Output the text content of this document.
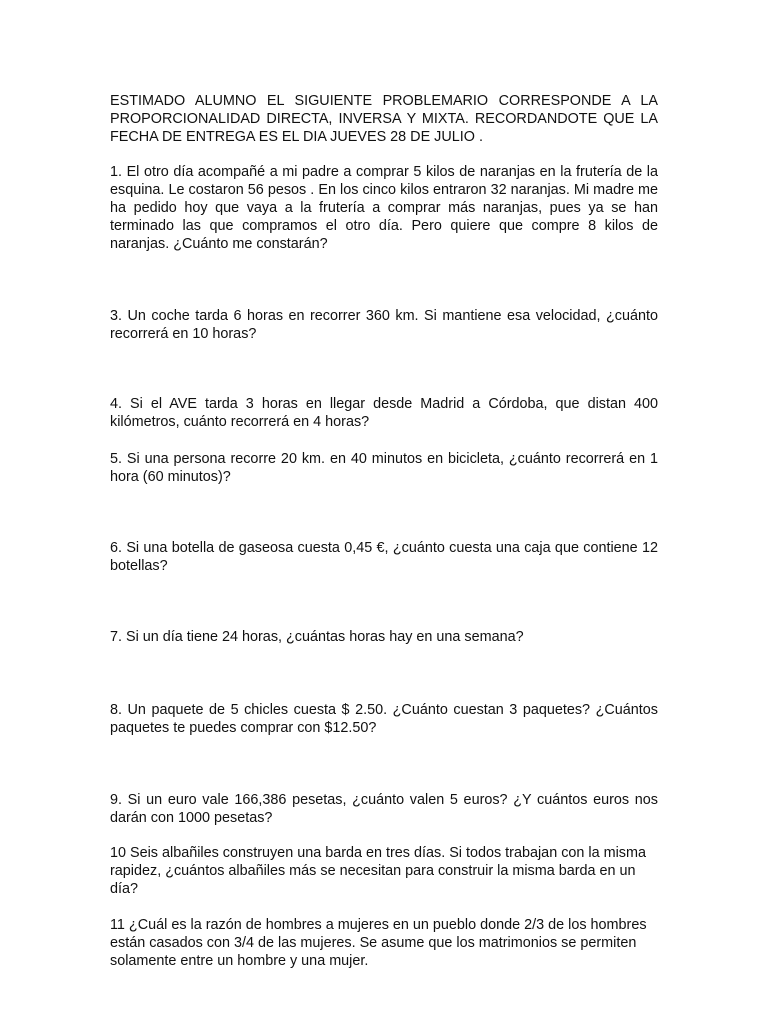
ESTIMADO ALUMNO EL SIGUIENTE PROBLEMARIO CORRESPONDE A LA PROPORCIONALIDAD DIRECTA, INVERSA Y MIXTA. RECORDANDOTE QUE LA FECHA DE ENTREGA ES EL DIA JUEVES 28 DE JULIO .

1. El otro día acompañé a mi padre a comprar 5 kilos de naranjas en la frutería de la esquina. Le costaron 56 pesos . En los cinco kilos entraron 32 naranjas. Mi madre me ha pedido hoy que vaya a la frutería a comprar más naranjas, pues ya se han terminado las que compramos el otro día. Pero quiere que compre 8 kilos de naranjas. ¿Cuánto me constarán?

3. Un coche tarda 6 horas en recorrer 360 km. Si mantiene esa velocidad, ¿cuánto recorrerá en 10 horas?

4. Si el AVE tarda 3 horas en llegar desde Madrid a Córdoba, que distan 400 kilómetros, cuánto recorrerá en 4 horas?

5. Si una persona recorre 20 km. en 40 minutos en bicicleta, ¿cuánto recorrerá en 1 hora (60 minutos)?

6. Si una botella de gaseosa cuesta 0,45 €, ¿cuánto cuesta una caja que contiene 12 botellas?

7. Si un día tiene 24 horas, ¿cuántas horas hay en una semana?

8. Un paquete de 5 chicles cuesta $ 2.50. ¿Cuánto cuestan 3 paquetes? ¿Cuántos paquetes te puedes comprar con $12.50?

9. Si un euro vale 166,386 pesetas, ¿cuánto valen 5 euros? ¿Y cuántos euros nos darán con 1000 pesetas?

10 Seis albañiles construyen una barda en tres días. Si todos trabajan con la misma rapidez, ¿cuántos albañiles más se necesitan para construir la misma barda en un día?

11 ¿Cuál es la razón de hombres a mujeres en un pueblo donde 2/3 de los hombres están casados con 3/4 de las mujeres. Se asume que los matrimonios se permiten solamente entre un hombre y una mujer.
